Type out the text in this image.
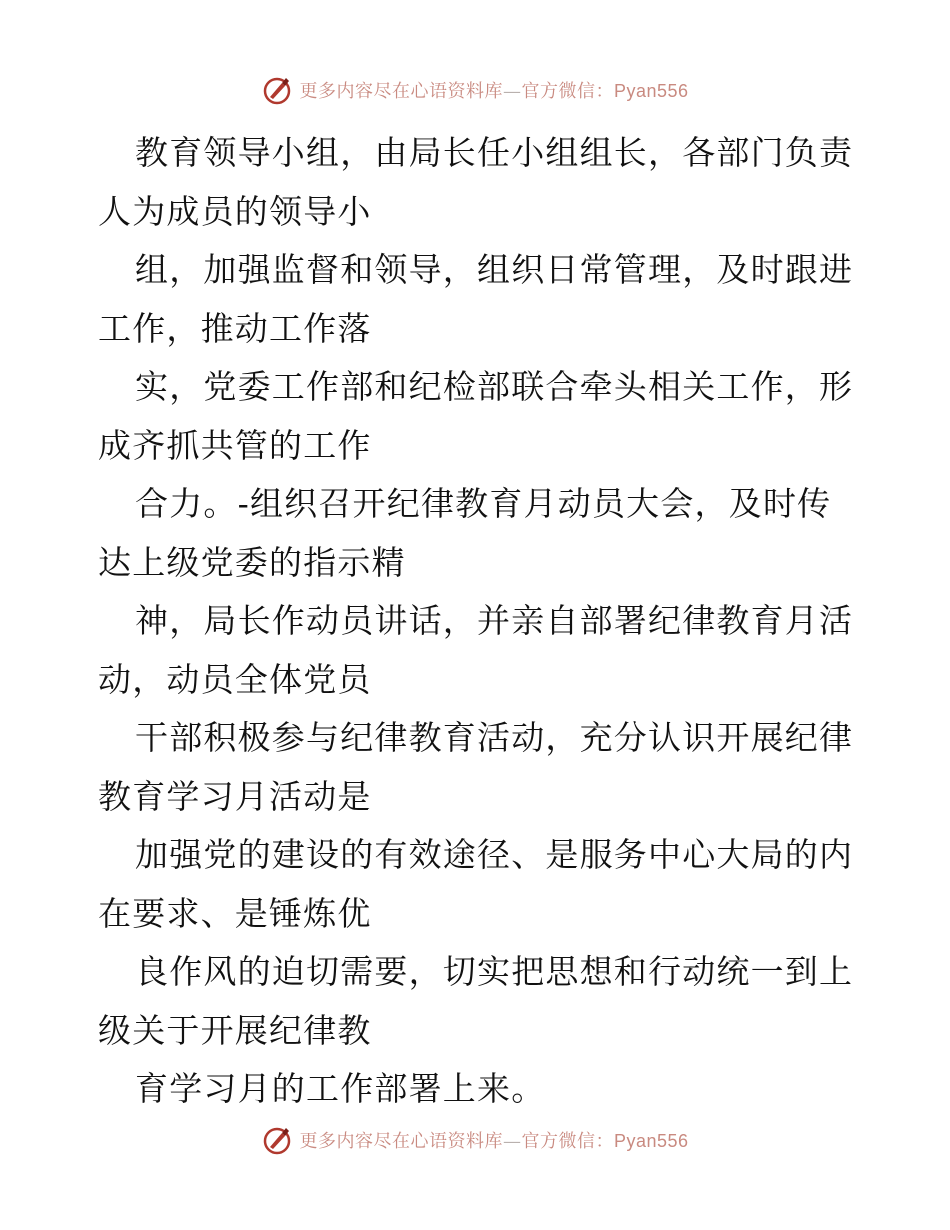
更多内容尽在心语资料库—官方微信：Pyan556
教育领导小组，由局长任小组组长，各部门负责
人为成员的领导小
组，加强监督和领导，组织日常管理，及时跟进
工作，推动工作落
实，党委工作部和纪检部联合牵头相关工作，形
成齐抓共管的工作
合力。-组织召开纪律教育月动员大会，及时传
达上级党委的指示精
神，局长作动员讲话，并亲自部署纪律教育月活
动，动员全体党员
干部积极参与纪律教育活动，充分认识开展纪律
教育学习月活动是
加强党的建设的有效途径、是服务中心大局的内
在要求、是锤炼优
良作风的迫切需要，切实把思想和行动统一到上
级关于开展纪律教
育学习月的工作部署上来。
更多内容尽在心语资料库—官方微信：Pyan556
